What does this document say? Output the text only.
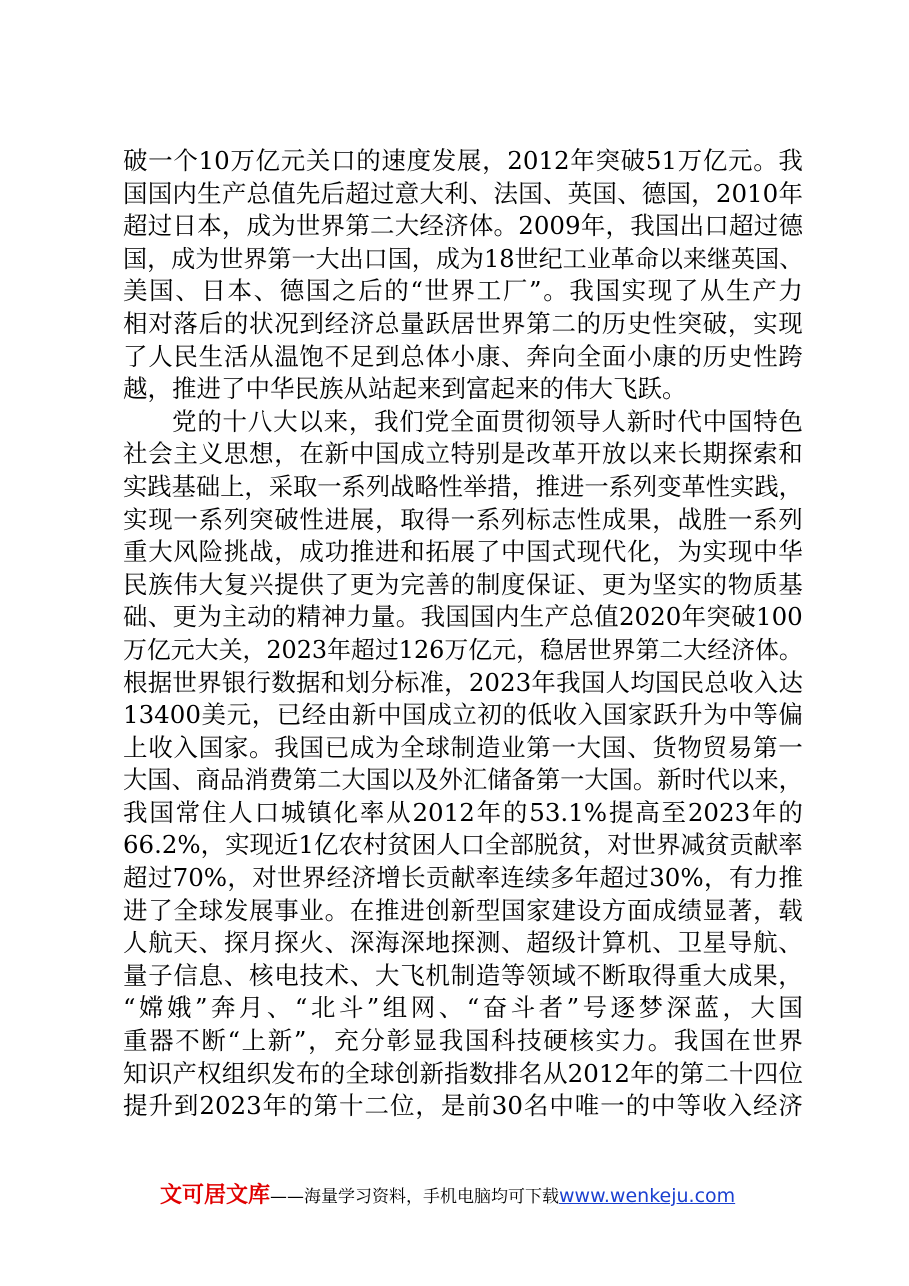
破 一 个 10 万 亿 元 关 口 的 速 度 发 展 ， 2012 年 突 破 51 万 亿 元 。 我
国 国 内 生 产 总 值 先 后 超 过 意 大 利 、 法 国 、 英 国 、 德 国 ， 2010 年
超 过 日 本 ， 成 为 世 界 第 二 大 经 济 体 。 2009 年 ， 我 国 出 口 超 过 德
国 ， 成 为 世 界 第 一 大 出 口 国 ， 成 为 18 世 纪 工 业 革 命 以 来 继 英 国 、
美 国 、 日 本 、 德 国 之 后 的 “ 世 界 工 厂 ” 。 我 国 实 现 了 从 生 产 力
相 对 落 后 的 状 况 到 经 济 总 量 跃 居 世 界 第 二 的 历 史 性 突 破 ， 实 现
了 人 民 生 活 从 温 饱 不 足 到 总 体 小 康 、 奔 向 全 面 小 康 的 历 史 性 跨
越，推进了中华民族从站起来到富起来的伟大飞跃。
党 的 十 八 大 以 来 ， 我 们 党 全 面 贯 彻 领 导 人 新 时 代 中 国 特 色
社 会 主 义 思 想 ， 在 新 中 国 成 立 特 别 是 改 革 开 放 以 来 长 期 探 索 和
实 践 基 础 上 ， 采 取 一 系 列 战 略 性 举 措 ， 推 进 一 系 列 变 革 性 实 践 ，
实 现 一 系 列 突 破 性 进 展 ， 取 得 一 系 列 标 志 性 成 果 ， 战 胜 一 系 列
重 大 风 险 挑 战 ， 成 功 推 进 和 拓 展 了 中 国 式 现 代 化 ， 为 实 现 中 华
民 族 伟 大 复 兴 提 供 了 更 为 完 善 的 制 度 保 证 、 更 为 坚 实 的 物 质 基
础 、 更 为 主 动 的 精 神 力 量 。 我 国 国 内 生 产 总 值 2020 年 突 破 100
万 亿 元 大 关 ， 2023 年 超 过 126 万 亿 元 ， 稳 居 世 界 第 二 大 经 济 体 。
根 据 世 界 银 行 数 据 和 划 分 标 准 ， 2023 年 我 国 人 均 国 民 总 收 入 达
13400 美 元 ， 已 经 由 新 中 国 成 立 初 的 低 收 入 国 家 跃 升 为 中 等 偏
上 收 入 国 家 。 我 国 已 成 为 全 球 制 造 业 第 一 大 国 、 货 物 贸 易 第 一
大 国 、 商 品 消 费 第 二 大 国 以 及 外 汇 储 备 第 一 大 国 。 新 时 代 以 来 ，
我 国 常 住 人 口 城 镇 化 率 从 2012 年 的 53.1% 提 高 至 2023 年 的
66.2% ， 实 现 近 1 亿 农 村 贫 困 人 口 全 部 脱 贫 ， 对 世 界 减 贫 贡 献 率
超 过 70% ， 对 世 界 经 济 增 长 贡 献 率 连 续 多 年 超 过 30% ， 有 力 推
进 了 全 球 发 展 事 业 。 在 推 进 创 新 型 国 家 建 设 方 面 成 绩 显 著 ， 载
人 航 天 、 探 月 探 火 、 深 海 深 地 探 测 、 超 级 计 算 机 、 卫 星 导 航 、
量 子 信 息 、 核 电 技 术 、 大 飞 机 制 造 等 领 域 不 断 取 得 重 大 成 果 ，
“ 嫦 娥 ” 奔 月 、 “ 北 斗 ” 组 网 、 “ 奋 斗 者 ” 号 逐 梦 深 蓝 ， 大 国
重 器 不 断 “ 上 新 ” ， 充 分 彰 显 我 国 科 技 硬 核 实 力 。 我 国 在 世 界
知 识 产 权 组 织 发 布 的 全 球 创 新 指 数 排 名 从 2012 年 的 第 二 十 四 位
提 升 到 2023 年 的 第 十 二 位 ， 是 前 30 名 中 唯 一 的 中 等 收 入 经 济
文可居文库——海量学习资料，手机电脑均可下载www.wenkeju.com
